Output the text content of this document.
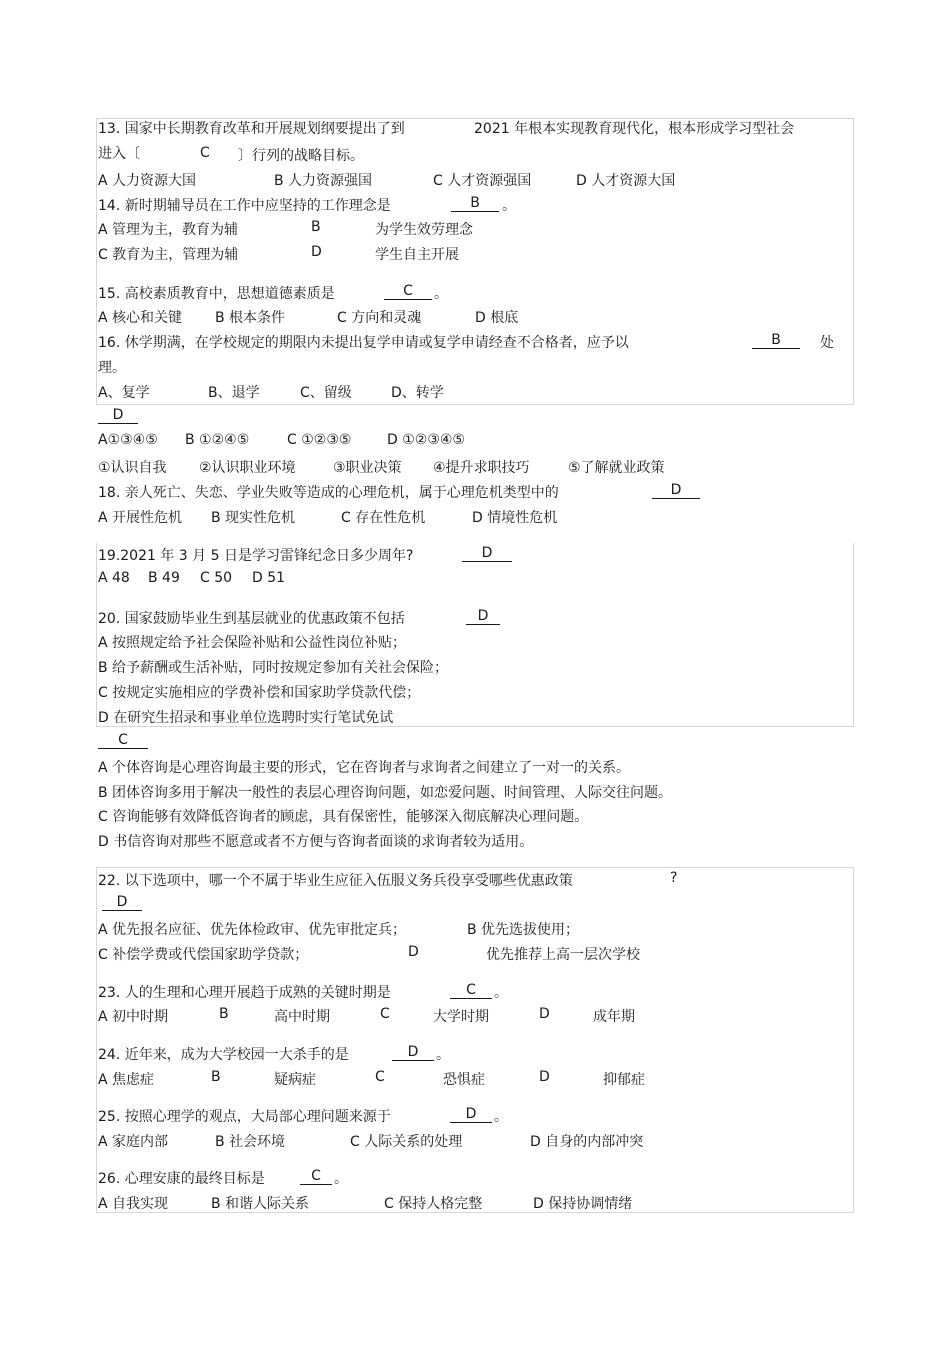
13. 国家中长期教育改革和开展规划纲要提出了到	2021 年根本实现教育现代化，根本形成学习型社会
进入〔	C 〕行列的战略目标。
A 人力资源大国	B 人力资源强国	C 人才资源强国	D 人才资源大国
14. 新时期辅导员在工作中应坚持的工作理念是	B	。
A 管理为主，教育为辅	B	为学生效劳理念
C 教育为主，管理为辅	D	学生自主开展
15. 高校素质教育中，思想道德素质是	C	。
A 核心和关键 B 根本条件	C 方向和灵魂	D 根底
16. 休学期满，在学校规定的期限内未提出复学申请或复学申请经查不合格者，应予以	B	处
理。
A、复学	B、退学	C、留级	D、转学
D
A①③④⑤ B ①②④⑤	C ①②③⑤	D ①②③④⑤
①认识自我 ②认识职业环境	③职业决策 ④提升求职技巧	⑤了解就业政策
18. 亲人死亡、失恋、学业失败等造成的心理危机，属于心理危机类型中的	D
A 开展性危机 B 现实性危机	C 存在性危机	D 情境性危机
19.2021 年 3 月 5 日是学习雷锋纪念日多少周年?	D
A 48 B 49 C 50 D 51
20. 国家鼓励毕业生到基层就业的优惠政策不包括	D
A 按照规定给予社会保险补贴和公益性岗位补贴；
B 给予薪酬或生活补贴，同时按规定参加有关社会保险；
C 按规定实施相应的学费补偿和国家助学贷款代偿；
D 在研究生招录和事业单位选聘时实行笔试免试
C
A 个体咨询是心理咨询最主要的形式，它在咨询者与求询者之间建立了一对一的关系。
B 团体咨询多用于解决一般性的表层心理咨询问题，如恋爱问题、时间管理、人际交往问题。
C 咨询能够有效降低咨询者的顾虑，具有保密性，能够深入彻底解决心理问题。
D 书信咨询对那些不愿意或者不方便与咨询者面谈的求询者较为适用。
22. 以下选项中，哪一个不属于毕业生应征入伍服义务兵役享受哪些优惠政策	?
D
A 优先报名应征、优先体检政审、优先审批定兵；	B 优先选拔使用；
C 补偿学费或代偿国家助学贷款；	D	优先推荐上高一层次学校
23. 人的生理和心理开展趋于成熟的关键时期是	C	。
A 初中时期	B	高中时期	C	大学时期	D	成年期
24. 近年来，成为大学校园一大杀手的是	D	。
A 焦虑症	B	疑病症	C	恐惧症	D	抑郁症
25. 按照心理学的观点，大局部心理问题来源于	D	。
A 家庭内部	B 社会环境	C 人际关系的处理	D 自身的内部冲突
26. 心理安康的最终目标是	C 。
A 自我实现	B 和谐人际关系	C 保持人格完整	D 保持协调情绪
